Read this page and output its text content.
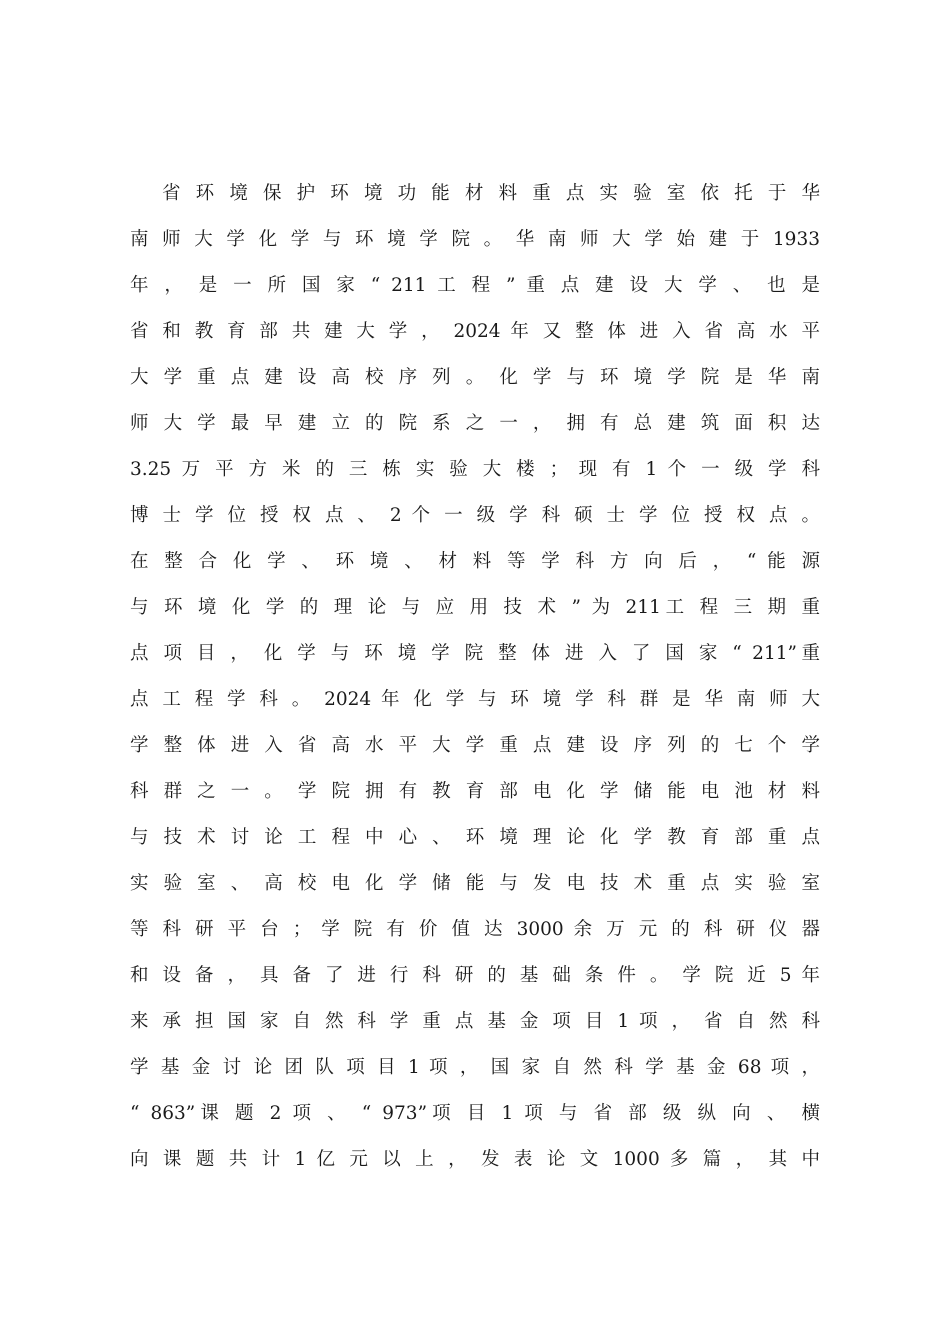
省 环 境 保 护 环 境 功 能 材 料 重 点 实 验 室 依 托 于 华
南 师 大 学 化 学 与 环 境 学 院 。 华 南 师 大 学 始 建 于 1933
年 ， 是 一 所 国 家 “ 211 工 程 ” 重 点 建 设 大 学 、 也 是
省 和 教 育 部 共 建 大 学 ， 2024 年 又 整 体 进 入 省 高 水 平
大 学 重 点 建 设 高 校 序 列 。 化 学 与 环 境 学 院 是 华 南
师 大 学 最 早 建 立 的 院 系 之 一 ， 拥 有 总 建 筑 面 积 达
3.25 万 平 方 米 的 三 栋 实 验 大 楼 ； 现 有 1 个 一 级 学 科
博 士 学 位 授 权 点 、 2 个 一 级 学 科 硕 士 学 位 授 权 点 。
在 整 合 化 学 、 环 境 、 材 料 等 学 科 方 向 后 ， “ 能 源
与 环 境 化 学 的 理 论 与 应 用 技 术 ” 为 211工 程 三 期 重
点 项 目 ， 化 学 与 环 境 学 院 整 体 进 入 了 国 家 “ 211”重
点 工 程 学 科 。 2024 年 化 学 与 环 境 学 科 群 是 华 南 师 大
学 整 体 进 入 省 高 水 平 大 学 重 点 建 设 序 列 的 七 个 学
科 群 之 一 。 学 院 拥 有 教 育 部 电 化 学 储 能 电 池 材 料
与 技 术 讨 论 工 程 中 心 、 环 境 理 论 化 学 教 育 部 重 点
实 验 室 、 高 校 电 化 学 储 能 与 发 电 技 术 重 点 实 验 室
等 科 研 平 台 ； 学 院 有 价 值 达 3000 余 万 元 的 科 研 仪 器
和 设 备 ， 具 备 了 进 行 科 研 的 基 础 条 件 。 学 院 近 5 年
来 承 担 国 家 自 然 科 学 重 点 基 金 项 目 1 项 ， 省 自 然 科
学 基 金 讨 论 团 队 项 目 1 项 ， 国 家 自 然 科 学 基 金 68 项 ，
“ 863”课 题 2 项 、 “ 973”项 目 1 项 与 省 部 级 纵 向 、 横
向 课 题 共 计 1 亿 元 以 上 ， 发 表 论 文 1000 多 篇 ， 其 中
